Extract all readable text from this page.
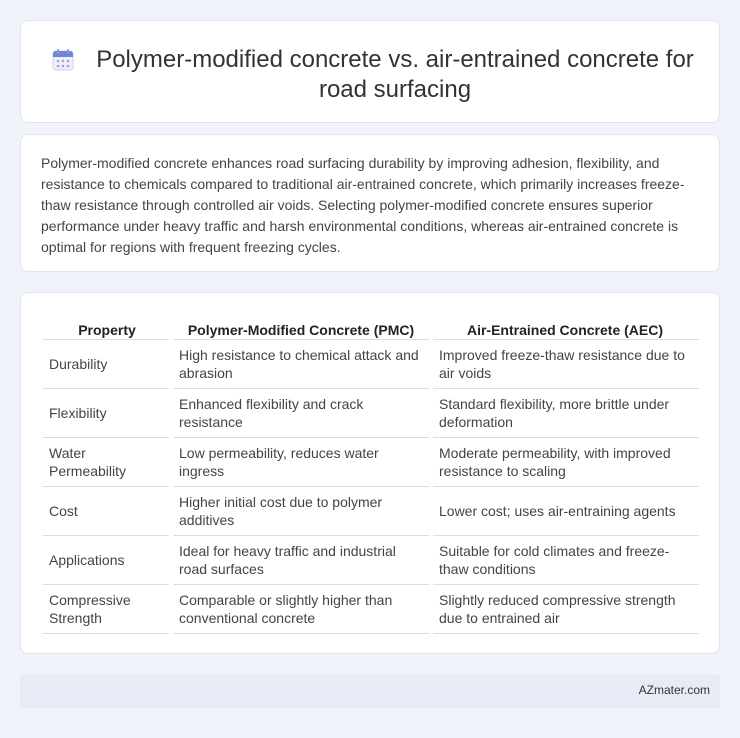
Polymer-modified concrete vs. air-entrained concrete for road surfacing

Polymer-modified concrete enhances road surfacing durability by improving adhesion, flexibility, and resistance to chemicals compared to traditional air-entrained concrete, which primarily increases freeze-thaw resistance through controlled air voids. Selecting polymer-modified concrete ensures superior performance under heavy traffic and harsh environmental conditions, whereas air-entrained concrete is optimal for regions with frequent freezing cycles.

Property	Polymer-Modified Concrete (PMC)	Air-Entrained Concrete (AEC)
Durability	High resistance to chemical attack and abrasion	Improved freeze-thaw resistance due to air voids
Flexibility	Enhanced flexibility and crack resistance	Standard flexibility, more brittle under deformation
Water Permeability	Low permeability, reduces water ingress	Moderate permeability, with improved resistance to scaling
Cost	Higher initial cost due to polymer additives	Lower cost; uses air-entraining agents
Applications	Ideal for heavy traffic and industrial road surfaces	Suitable for cold climates and freeze-thaw conditions
Compressive Strength	Comparable or slightly higher than conventional concrete	Slightly reduced compressive strength due to entrained air
AZmater.com
